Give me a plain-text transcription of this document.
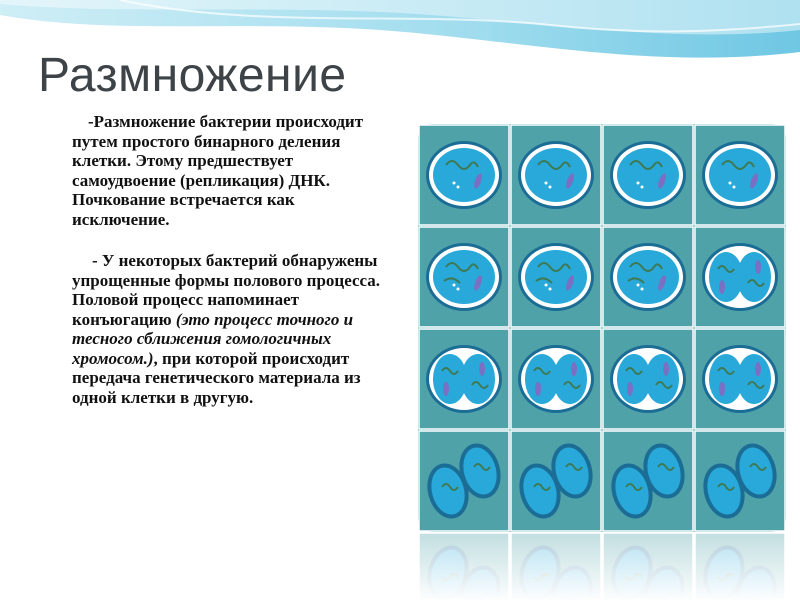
Размножение

-Размножение бактерии происходит путем простого бинарного деления клетки. Этому предшествует самоудвоение (репликация) ДНК. Почкование встречается как исключение.

- У некоторых бактерий обнаружены упрощенные формы полового процесса. Половой процесс напоминает конъюгацию (это процесс точного и тесного сближения гомологичных хромосом.), при которой происходит передача генетического материала из одной клетки в другую.
